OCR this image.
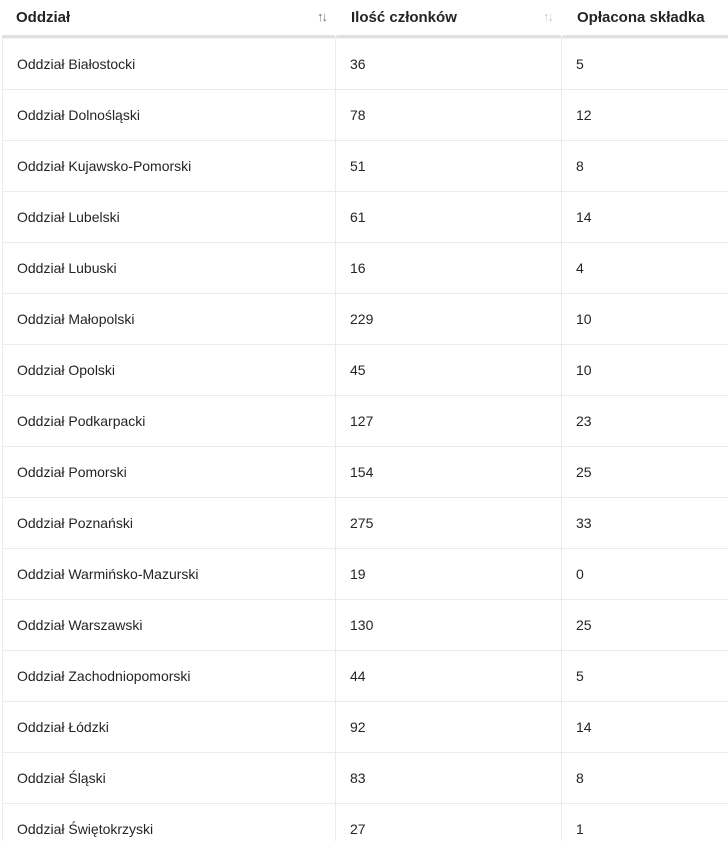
Oddział ↑↓	Ilość członków ↑↓	Opłacona składka
Oddział Białostocki	36	5
Oddział Dolnośląski	78	12
Oddział Kujawsko-Pomorski	51	8
Oddział Lubelski	61	14
Oddział Lubuski	16	4
Oddział Małopolski	229	10
Oddział Opolski	45	10
Oddział Podkarpacki	127	23
Oddział Pomorski	154	25
Oddział Poznański	275	33
Oddział Warmińsko-Mazurski	19	0
Oddział Warszawski	130	25
Oddział Zachodniopomorski	44	5
Oddział Łódzki	92	14
Oddział Śląski	83	8
Oddział Świętokrzyski	27	1
